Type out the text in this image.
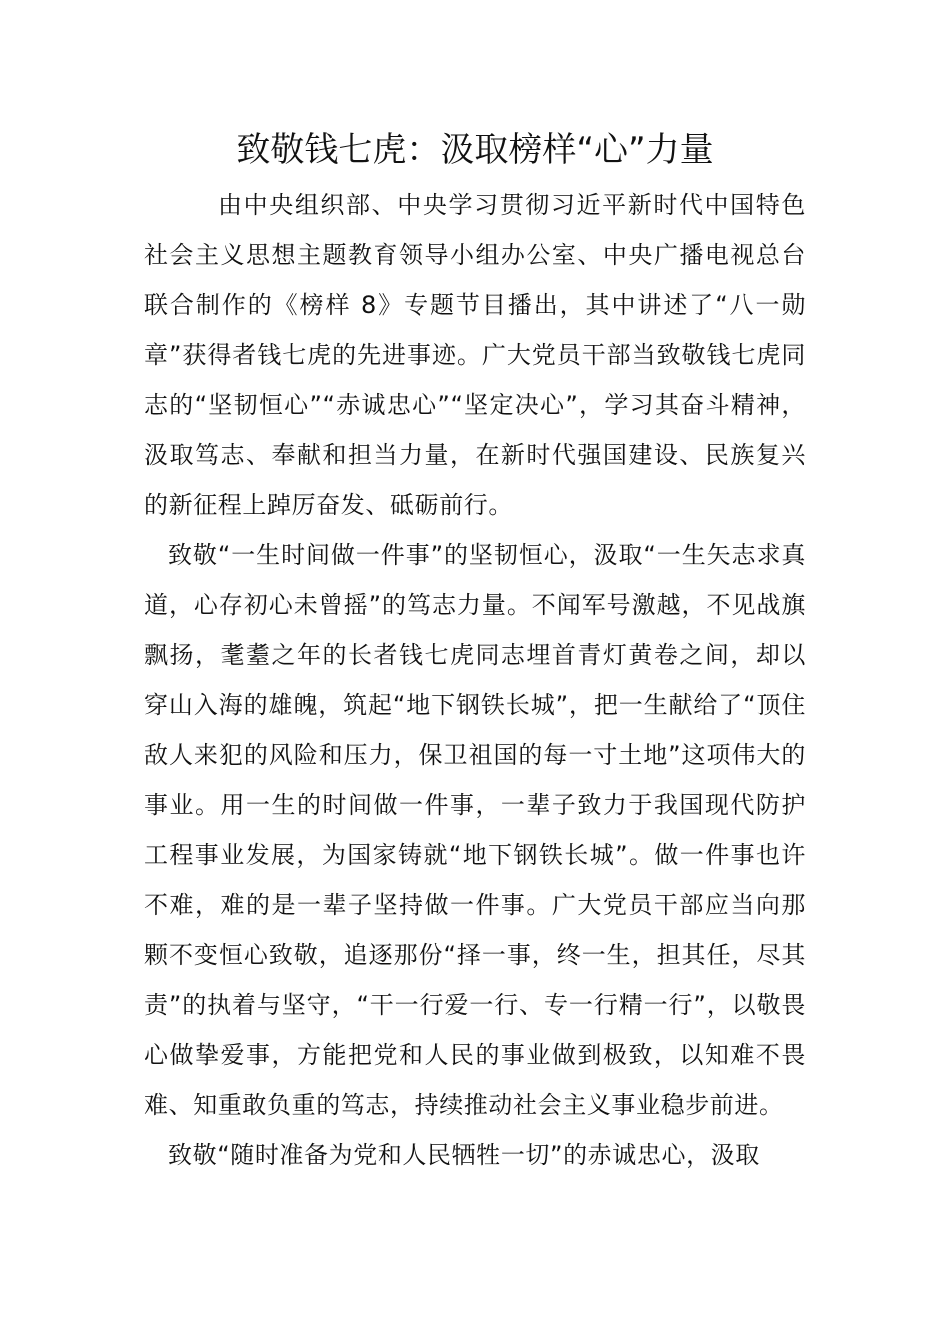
致敬钱七虎：汲取榜样“心”力量

由中央组织部、中央学习贯彻习近平新时代中国特色社会主义思想主题教育领导小组办公室、中央广播电视总台联合制作的《榜样 8》专题节目播出，其中讲述了“八一勋章”获得者钱七虎的先进事迹。广大党员干部当致敬钱七虎同志的“坚韧恒心”“赤诚忠心”“坚定决心”，学习其奋斗精神，汲取笃志、奉献和担当力量，在新时代强国建设、民族复兴的新征程上踔厉奋发、砥砺前行。

致敬“一生时间做一件事”的坚韧恒心，汲取“一生矢志求真道，心存初心未曾摇”的笃志力量。不闻军号激越，不见战旗飘扬，耄耋之年的长者钱七虎同志埋首青灯黄卷之间，却以穿山入海的雄魄，筑起“地下钢铁长城”，把一生献给了“顶住敌人来犯的风险和压力，保卫祖国的每一寸土地”这项伟大的事业。用一生的时间做一件事，一辈子致力于我国现代防护工程事业发展，为国家铸就“地下钢铁长城”。做一件事也许不难，难的是一辈子坚持做一件事。广大党员干部应当向那颗不变恒心致敬，追逐那份“择一事，终一生，担其任，尽其责”的执着与坚守，“干一行爱一行、专一行精一行”，以敬畏心做挚爱事，方能把党和人民的事业做到极致，以知难不畏难、知重敢负重的笃志，持续推动社会主义事业稳步前进。

致敬“随时准备为党和人民牺牲一切”的赤诚忠心，汲取
